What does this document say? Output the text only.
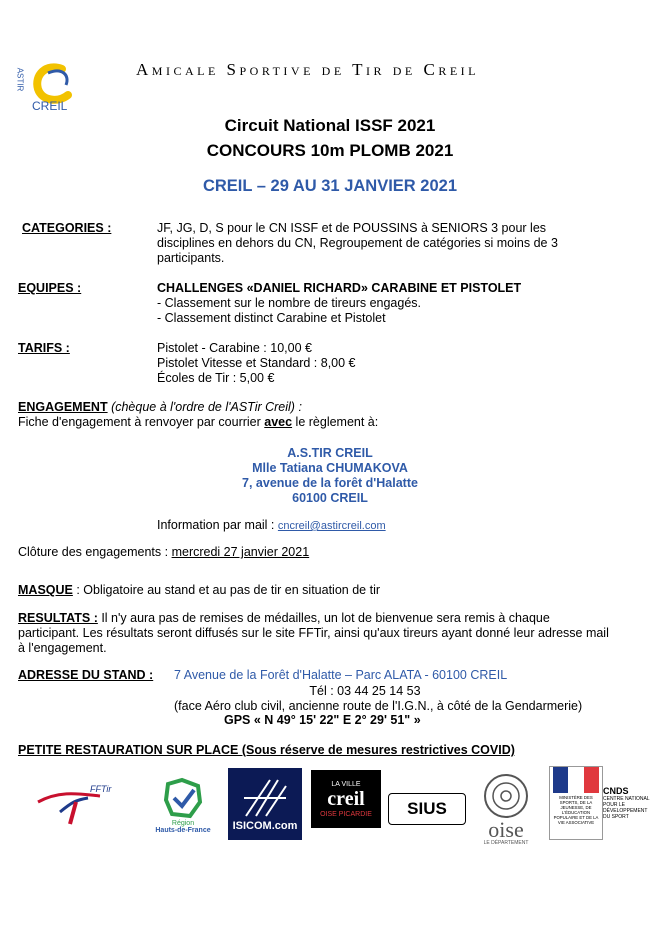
ASTIR
CREIL
Amicale Sportive de Tir de Creil
Circuit National ISSF 2021
CONCOURS 10m PLOMB 2021
CREIL – 29 AU 31 JANVIER 2021
CATEGORIES :	JF, JG, D, S pour le CN ISSF et de POUSSINS à SENIORS 3 pour les
disciplines en dehors du CN, Regroupement de catégories si moins de 3
participants.
EQUIPES :	CHALLENGES «DANIEL RICHARD» CARABINE ET PISTOLET
- Classement sur le nombre de tireurs engagés.
- Classement distinct Carabine et Pistolet
TARIFS :	Pistolet - Carabine : 10,00 €
Pistolet Vitesse et Standard : 8,00 €
Écoles de Tir : 5,00 €
ENGAGEMENT (chèque à l'ordre de l'ASTir Creil) :
Fiche d'engagement à renvoyer par courrier avec le règlement à:
A.S.TIR CREIL
Mlle Tatiana CHUMAKOVA
7, avenue de la forêt d'Halatte
60100 CREIL
Information par mail : cncreil@astircreil.com
Clôture des engagements : mercredi 27 janvier 2021
MASQUE : Obligatoire au stand et au pas de tir en situation de tir
RESULTATS : Il n'y aura pas de remises de médailles, un lot de bienvenue sera remis à chaque
participant. Les résultats seront diffusés sur le site FFTir, ainsi qu'aux tireurs ayant donné leur adresse mail
à l'engagement.
ADRESSE DU STAND : 7 Avenue de la Forêt d'Halatte – Parc ALATA - 60100 CREIL
Tél : 03 44 25 14 53
(face Aéro club civil, ancienne route de l'I.G.N., à côté de la Gendarmerie)
GPS « N 49° 15' 22" E 2° 29' 51" »
PETITE RESTAURATION SUR PLACE (Sous réserve de mesures restrictives COVID)
FFTir
Région
Hauts-de-France ISICOM.com
LA VILLE
creil
OISE PICARDIE SIUS
oise
LE DÉPARTEMENT
MINISTÈRE DES SPORTS, DE LA JEUNESSE, DE L'ÉDUCATION POPULAIRE ET DE LA VIE ASSOCIATIVE
CNDS
CENTRE NATIONAL POUR LE DÉVELOPPEMENT DU SPORT
